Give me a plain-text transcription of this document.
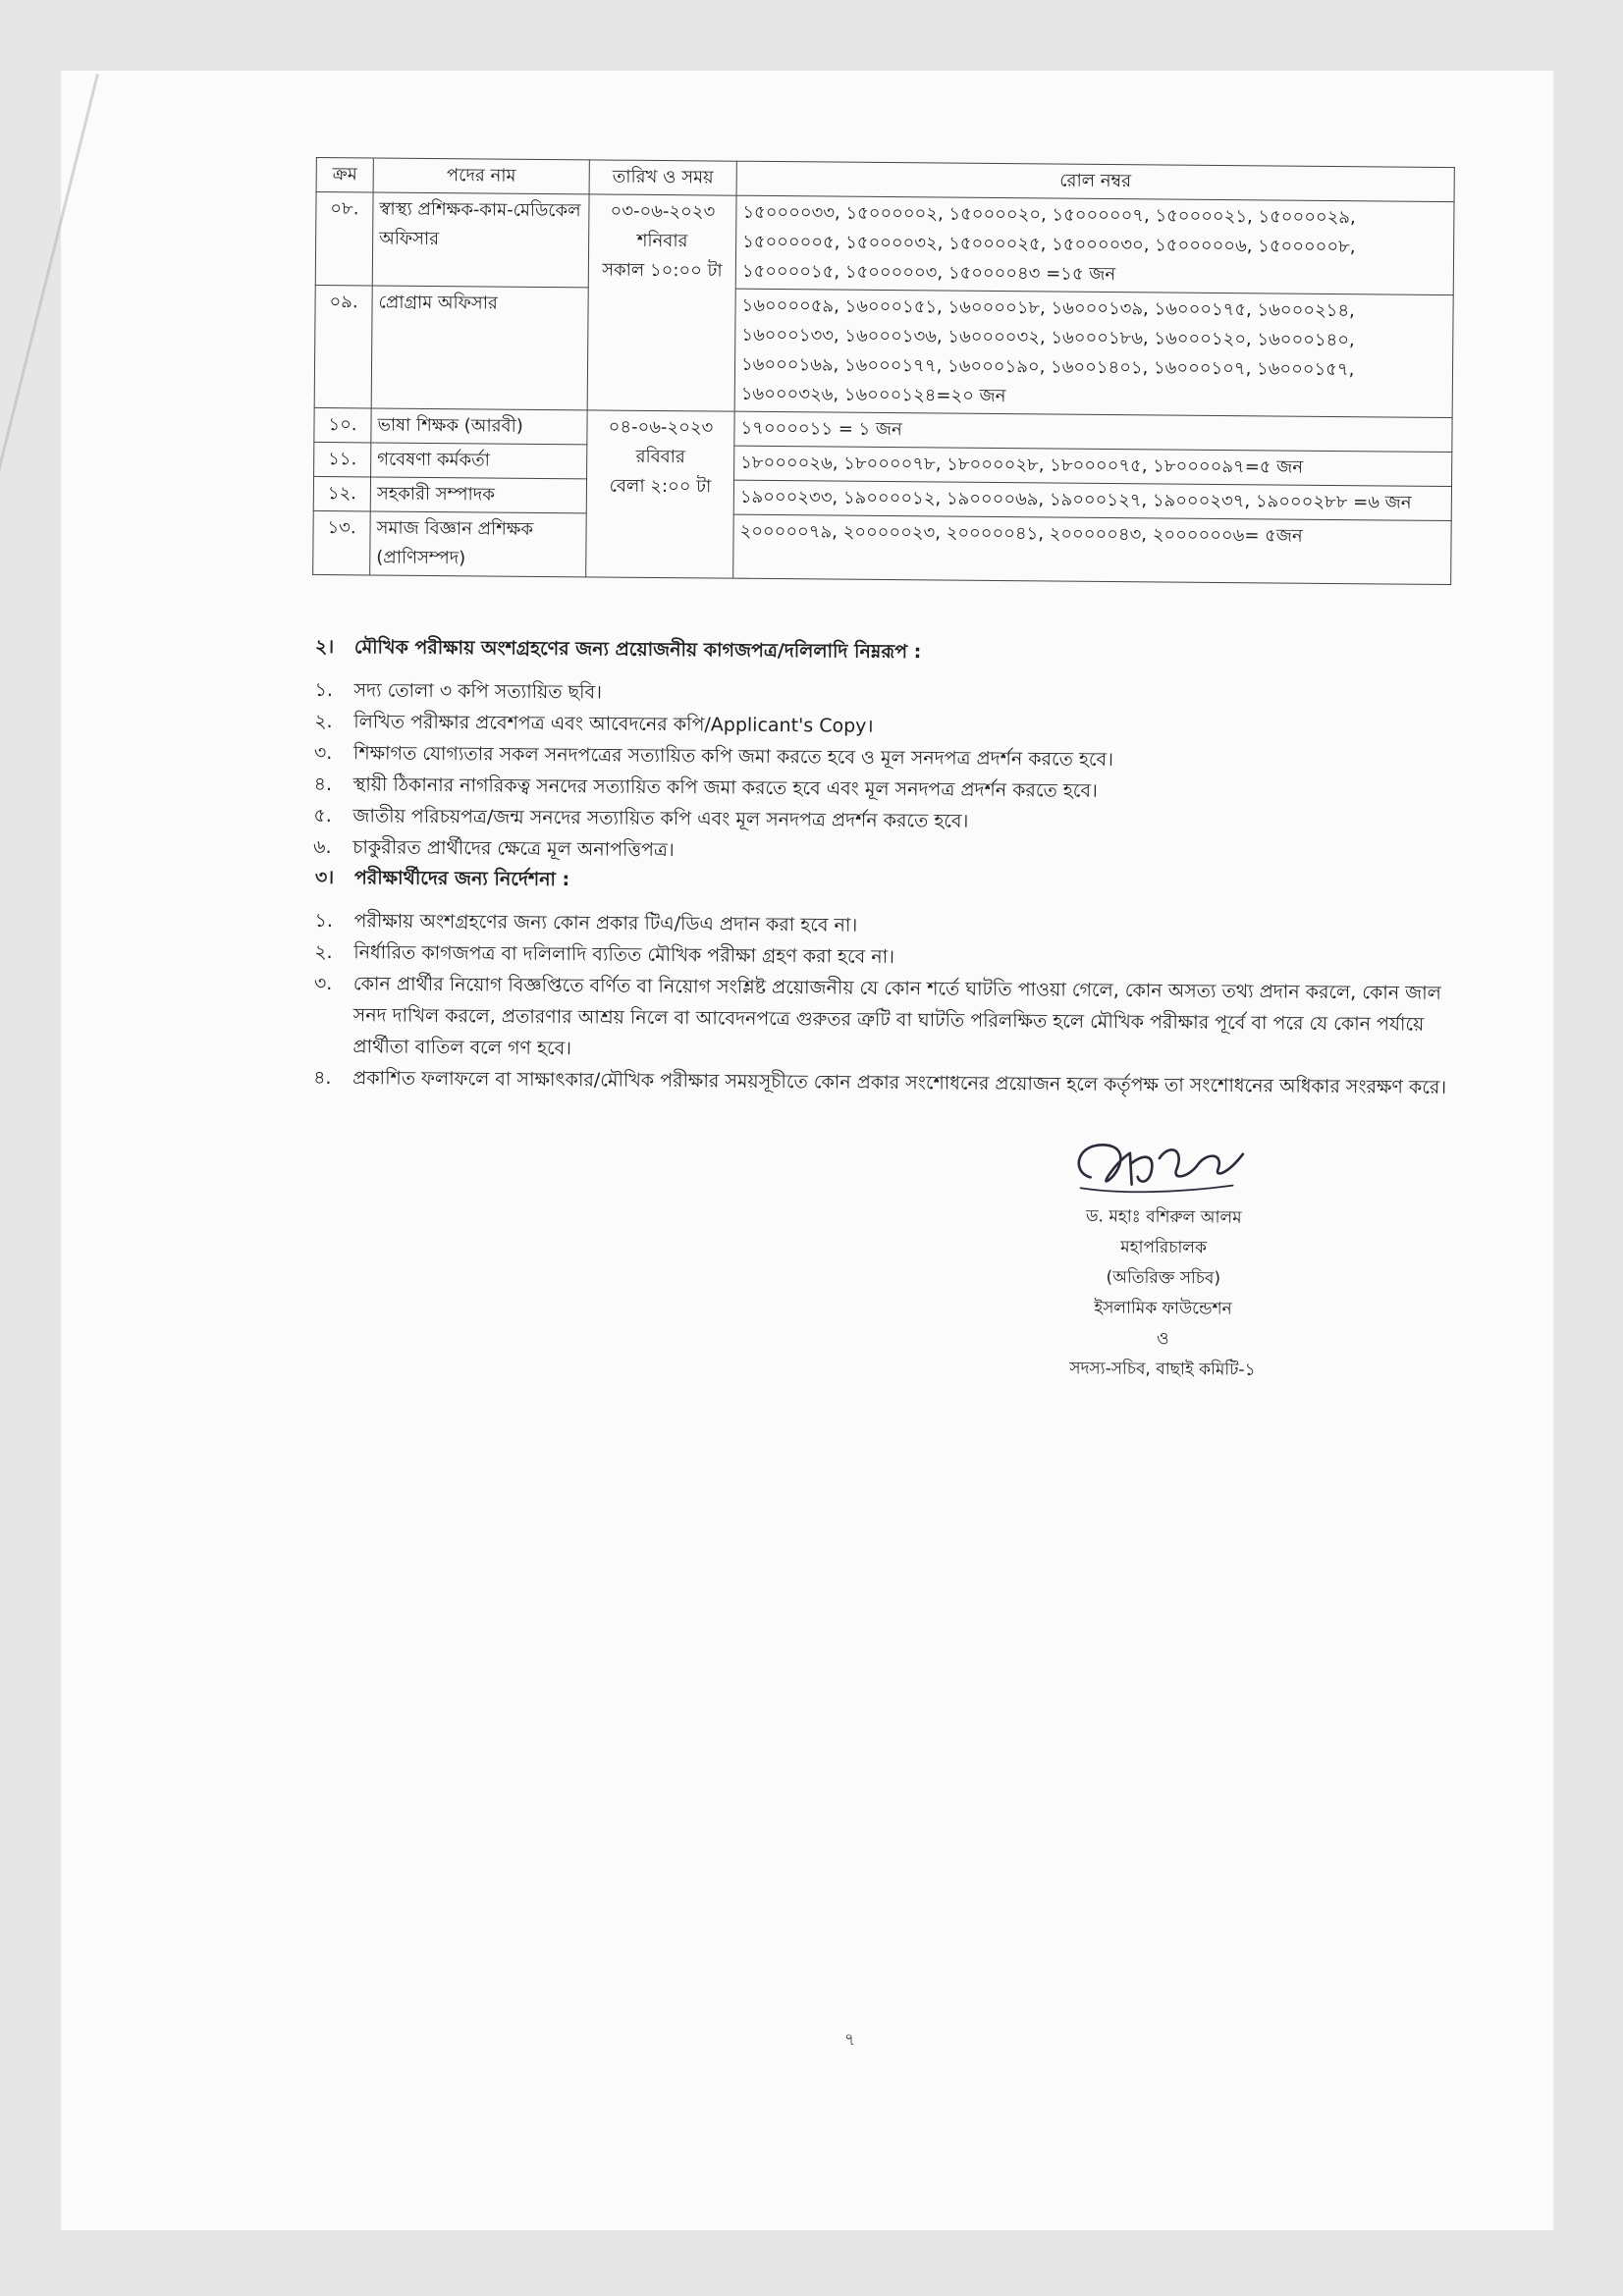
ক্রম	পদের নাম	তারিখ ও সময়	রোল নম্বর
০৮.	স্বাস্থ্য প্রশিক্ষক-কাম-মেডিকেল অফিসার	০৩-০৬-২০২৩
শনিবার
সকাল ১০:০০ টা	১৫০০০০৩৩, ১৫০০০০০২, ১৫০০০০২০, ১৫০০০০০৭, ১৫০০০০২১, ১৫০০০০২৯, ১৫০০০০০৫, ১৫০০০০৩২, ১৫০০০০২৫, ১৫০০০০৩০, ১৫০০০০০৬, ১৫০০০০০৮, ১৫০০০০১৫, ১৫০০০০০৩, ১৫০০০০৪৩ =১৫ জন
০৯.	প্রোগ্রাম অফিসার		১৬০০০০৫৯, ১৬০০০১৫১, ১৬০০০০১৮, ১৬০০০১৩৯, ১৬০০০১৭৫, ১৬০০০২১৪, ১৬০০০১৩৩, ১৬০০০১৩৬, ১৬০০০০৩২, ১৬০০০১৮৬, ১৬০০০১২০, ১৬০০০১৪০, ১৬০০০১৬৯, ১৬০০০১৭৭, ১৬০০০১৯০, ১৬০০১৪০১, ১৬০০০১০৭, ১৬০০০১৫৭, ১৬০০০৩২৬, ১৬০০০১২৪=২০ জন
১০.	ভাষা শিক্ষক (আরবী)	০৪-০৬-২০২৩
রবিবার
বেলা ২:০০ টা	১৭০০০০১১ = ১ জন
১১.	গবেষণা কর্মকর্তা		১৮০০০০২৬, ১৮০০০০৭৮, ১৮০০০০২৮, ১৮০০০০৭৫, ১৮০০০০৯৭=৫ জন
১২.	সহকারী সম্পাদক		১৯০০০২৩৩, ১৯০০০০১২, ১৯০০০০৬৯, ১৯০০০১২৭, ১৯০০০২৩৭, ১৯০০০২৮৮ =৬ জন
১৩.	সমাজ বিজ্ঞান প্রশিক্ষক (প্রাণিসম্পদ)		২০০০০০৭৯, ২০০০০০২৩, ২০০০০০৪১, ২০০০০০৪৩, ২০০০০০০৬= ৫জন
২। মৌখিক পরীক্ষায় অংশগ্রহণের জন্য প্রয়োজনীয় কাগজপত্র/দলিলাদি নিম্নরূপ :
১.	সদ্য তোলা ৩ কপি সত্যায়িত ছবি।
২.	লিখিত পরীক্ষার প্রবেশপত্র এবং আবেদনের কপি/Applicant's Copy।
৩.	শিক্ষাগত যোগ্যতার সকল সনদপত্রের সত্যায়িত কপি জমা করতে হবে ও মূল সনদপত্র প্রদর্শন করতে হবে।
৪.	স্থায়ী ঠিকানার নাগরিকত্ব সনদের সত্যায়িত কপি জমা করতে হবে এবং মূল সনদপত্র প্রদর্শন করতে হবে।
৫.	জাতীয় পরিচয়পত্র/জন্ম সনদের সত্যায়িত কপি এবং মূল সনদপত্র প্রদর্শন করতে হবে।
৬.	চাকুরীরত প্রার্থীদের ক্ষেত্রে মূল অনাপত্তিপত্র।
৩। পরীক্ষার্থীদের জন্য নির্দেশনা :
১.	পরীক্ষায় অংশগ্রহণের জন্য কোন প্রকার টিএ/ডিএ প্রদান করা হবে না।
২.	নির্ধারিত কাগজপত্র বা দলিলাদি ব্যতিত মৌখিক পরীক্ষা গ্রহণ করা হবে না।
৩.	কোন প্রার্থীর নিয়োগ বিজ্ঞপ্তিতে বর্ণিত বা নিয়োগ সংশ্লিষ্ট প্রয়োজনীয় যে কোন শর্তে ঘাটতি পাওয়া গেলে, কোন অসত্য তথ্য প্রদান করলে, কোন জাল সনদ দাখিল করলে, প্রতারণার আশ্রয় নিলে বা আবেদনপত্রে গুরুতর ত্রুটি বা ঘাটতি পরিলক্ষিত হলে মৌখিক পরীক্ষার পূর্বে বা পরে যে কোন পর্যায়ে প্রার্থীতা বাতিল বলে গণ হবে।
৪.	প্রকাশিত ফলাফলে বা সাক্ষাৎকার/মৌখিক পরীক্ষার সময়সূচীতে কোন প্রকার সংশোধনের প্রয়োজন হলে কর্তৃপক্ষ তা সংশোধনের অধিকার সংরক্ষণ করে।
ড. মহাঃ বশিরুল আলম
মহাপরিচালক
(অতিরিক্ত সচিব)
ইসলামিক ফাউন্ডেশন
ও
সদস্য-সচিব, বাছাই কমিটি-১
৭
